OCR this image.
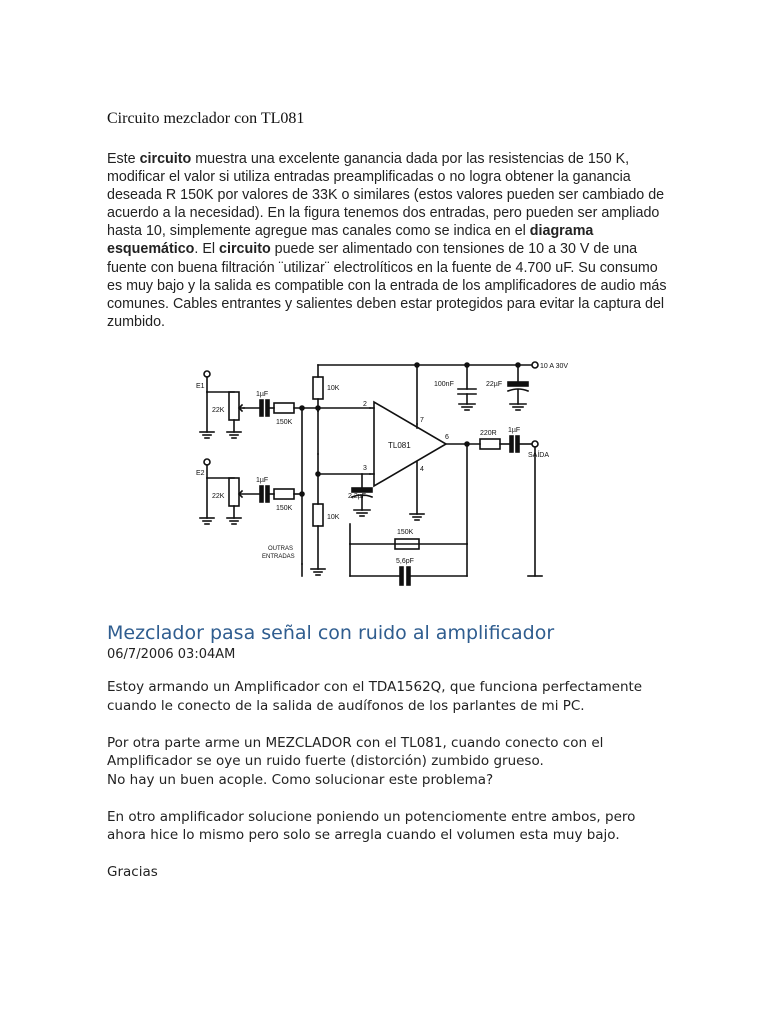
Circuito mezclador con TL081

Este circuito muestra una excelente ganancia dada por las resistencias de 150 K, modificar el valor si utiliza entradas preamplificadas o no logra obtener la ganancia deseada R 150K por valores de 33K o similares (estos valores pueden ser cambiado de acuerdo a la necesidad). En la figura tenemos dos entradas, pero pueden ser ampliado hasta 10, simplemente agregue mas canales como se indica en el diagrama esquemático. El circuito puede ser alimentado con tensiones de 10 a 30 V de una fuente con buena filtración ¨utilizar¨ electrolíticos en la fuente de 4.700 uF. Su consumo es muy bajo y la salida es compatible con la entrada de los amplificadores de audio más comunes. Cables entrantes y salientes deben estar protegidos para evitar la captura del zumbido.

10 A 30V
E1
E2
22K
22K
1µF
1µF
150K
150K
10K
10K
100nF	22µF
TL081
2
3	4
6
7
220R 1µF
SAÍDA
2,2µF
150K
5,6pF
OUTRAS
ENTRADAS
Mezclador pasa señal con ruido al amplificador
06/7/2006 03:04AM

Estoy armando un Amplificador con el TDA1562Q, que funciona perfectamente cuando le conecto de la salida de audífonos de los parlantes de mi PC.

Por otra parte arme un MEZCLADOR con el TL081, cuando conecto con el Amplificador se oye un ruido fuerte (distorción) zumbido grueso.
No hay un buen acople. Como solucionar este problema?

En otro amplificador solucione poniendo un potenciomente entre ambos, pero ahora hice lo mismo pero solo se arregla cuando el volumen esta muy bajo.

Gracias
